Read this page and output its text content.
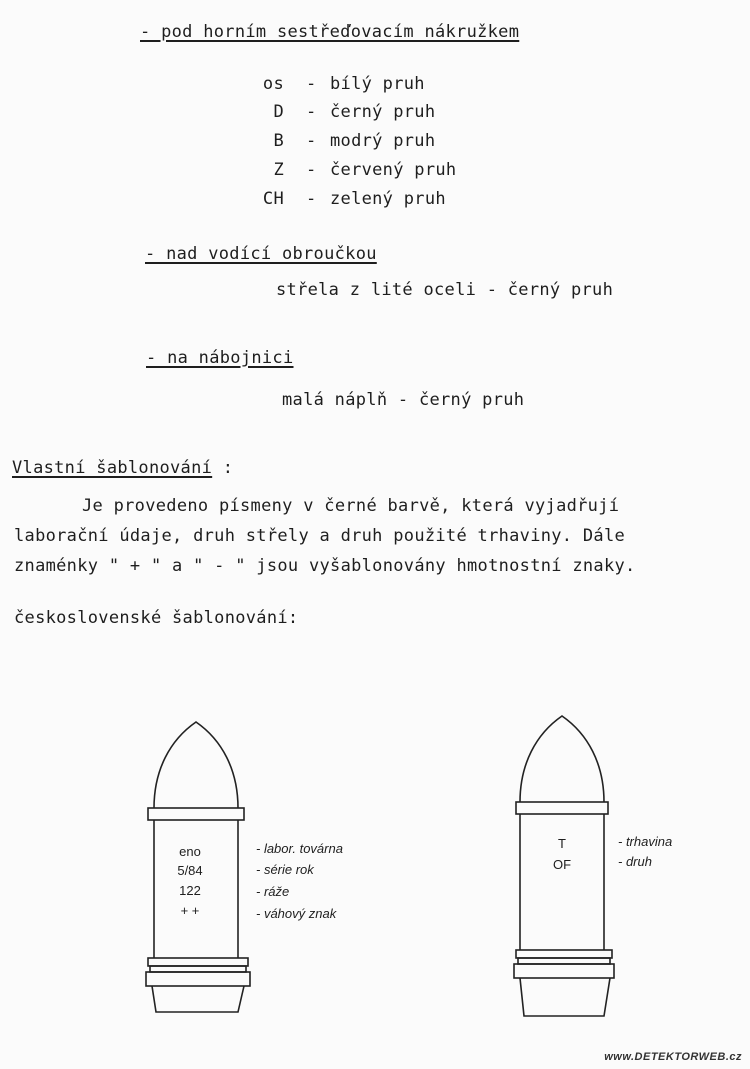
- pod horním sestřeďovacím nákružkem
os - bílý pruh
D - černý pruh
B - modrý pruh
Z - červený pruh
CH - zelený pruh
- nad vodící obroučkou
střela z lité oceli - černý pruh
- na nábojnici
malá náplň - černý pruh
Vlastní šablonování :
Je provedeno písmeny v černé barvě, která vyjadřují
laborační údaje, druh střely a druh použité trhaviny. Dále
znaménky " + " a " - " jsou vyšablonovány hmotnostní znaky.
československé šablonování:
eno
5/84
122
+ +
- labor. továrna
- série rok
- ráže
- váhový znak
T
OF
- trhavina
- druh
www.DETEKTORWEB.cz
